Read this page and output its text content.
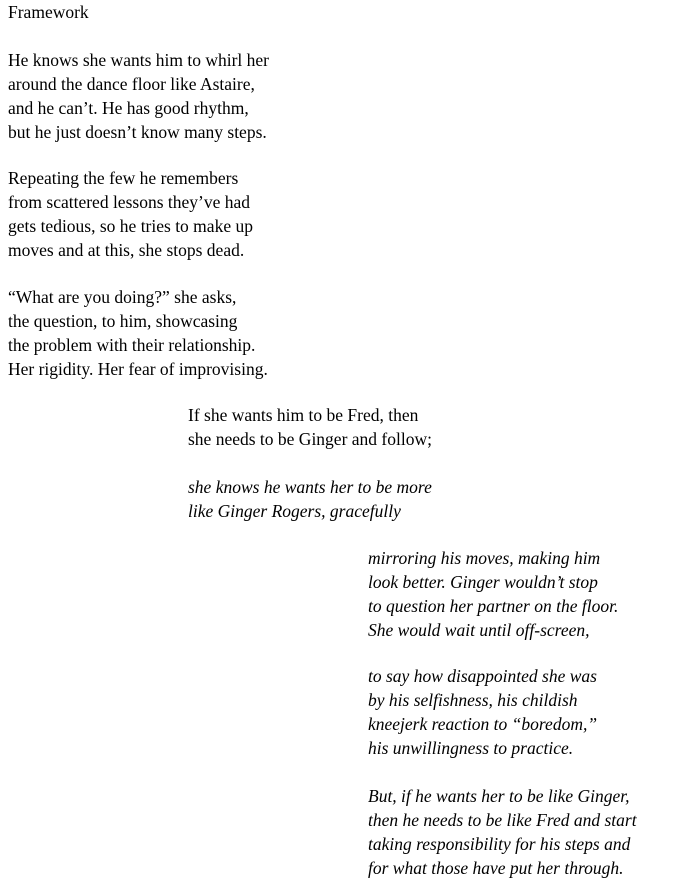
Framework
He knows she wants him to whirl her
around the dance floor like Astaire,
and he can’t. He has good rhythm,
but he just doesn’t know many steps.
Repeating the few he remembers
from scattered lessons they’ve had
gets tedious, so he tries to make up
moves and at this, she stops dead.
“What are you doing?” she asks,
the question, to him, showcasing
the problem with their relationship.
Her rigidity. Her fear of improvising.
If she wants him to be Fred, then
she needs to be Ginger and follow;
she knows he wants her to be more
like Ginger Rogers, gracefully
mirroring his moves, making him
look better. Ginger wouldn’t stop
to question her partner on the floor.
She would wait until off-screen,
to say how disappointed she was
by his selfishness, his childish
kneejerk reaction to “boredom,”
his unwillingness to practice.
But, if he wants her to be like Ginger,
then he needs to be like Fred and start
taking responsibility for his steps and
for what those have put her through.
